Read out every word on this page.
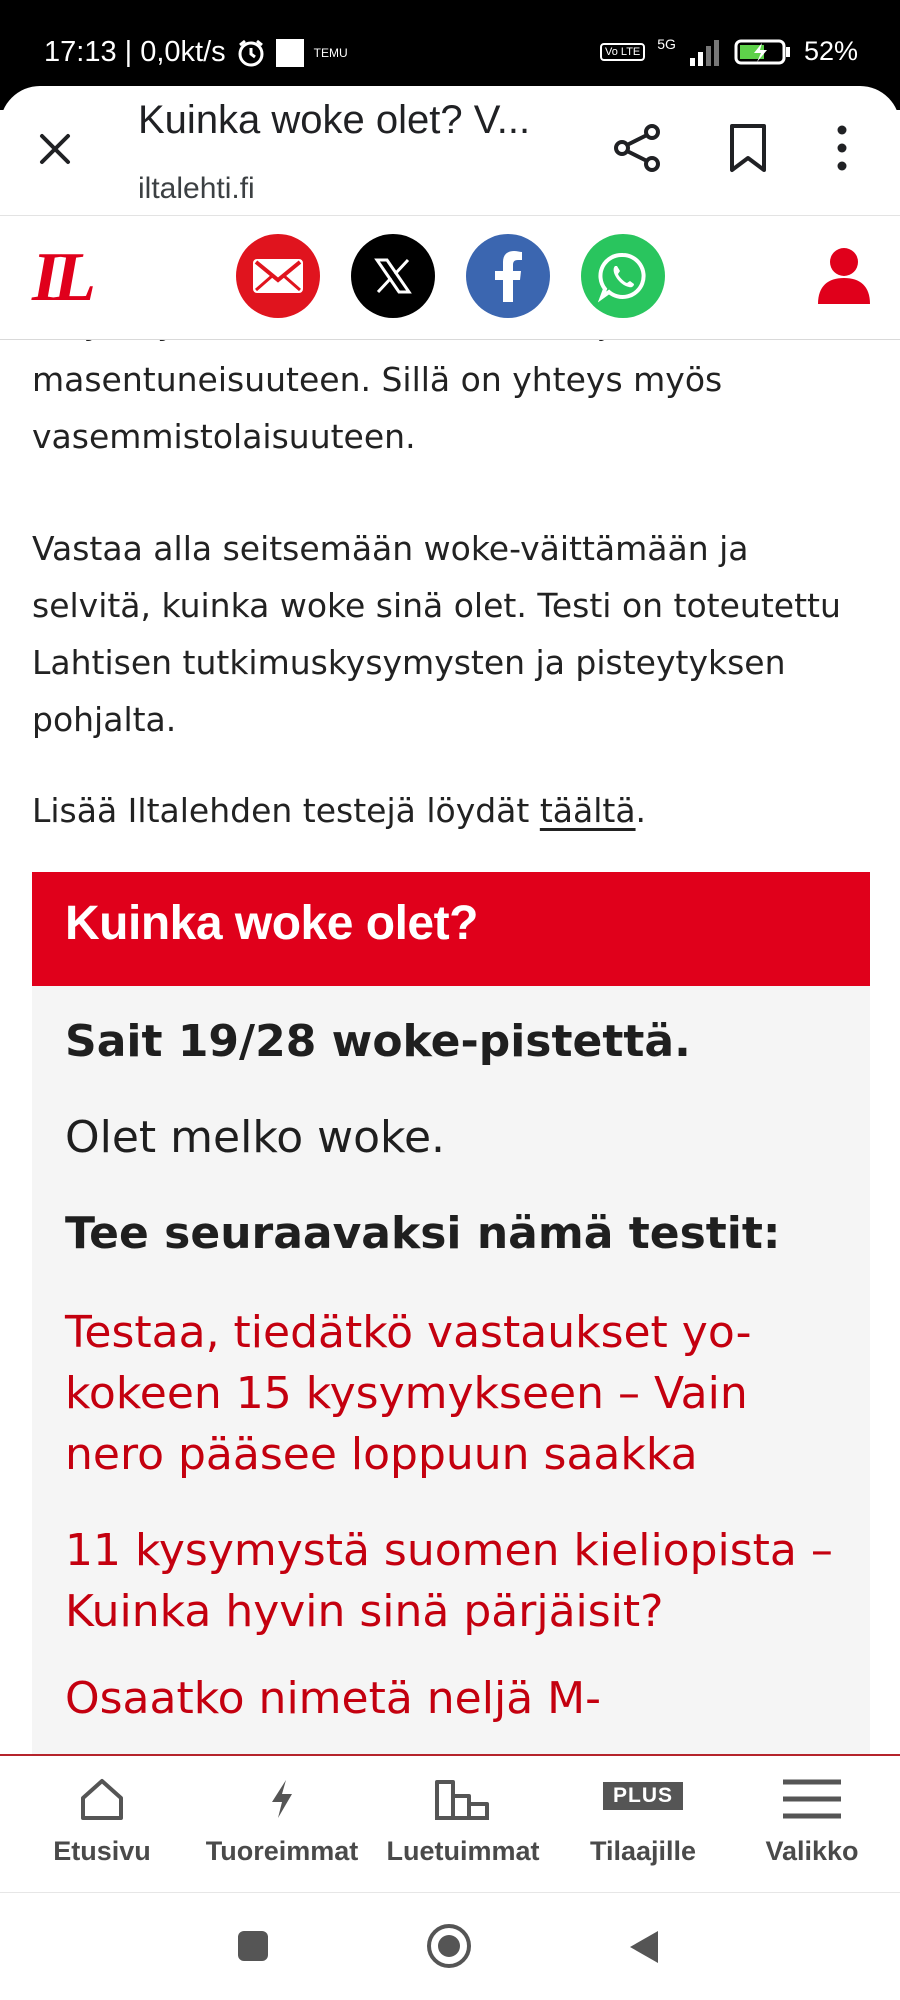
17:13 | 0,0kt/s	TEMU	Vo LTE	5G	52%
Kuinka woke olet? V...
iltalehti.fi
IL

masentuneisuuteen. Sillä on yhteys myös vasemmistolaisuuteen.

Vastaa alla seitsemään woke-väittämään ja selvitä, kuinka woke sinä olet. Testi on toteutettu Lahtisen tutkimuskysymysten ja pisteytyksen pohjalta.

Lisää Iltalehden testejä löydät täältä.

Kuinka woke olet?
Sait 19/28 woke-pistettä.
Olet melko woke.
Tee seuraavaksi nämä testit:
Testaa, tiedätkö vastaukset yo-kokeen 15 kysymykseen – Vain nero pääsee loppuun saakka
11 kysymystä suomen kieliopista – Kuinka hyvin sinä pärjäisit?
Osaatko nimetä neljä M-
Etusivu	Tuoreimmat	Luetuimmat
PLUS
Tilaajille	Valikko
